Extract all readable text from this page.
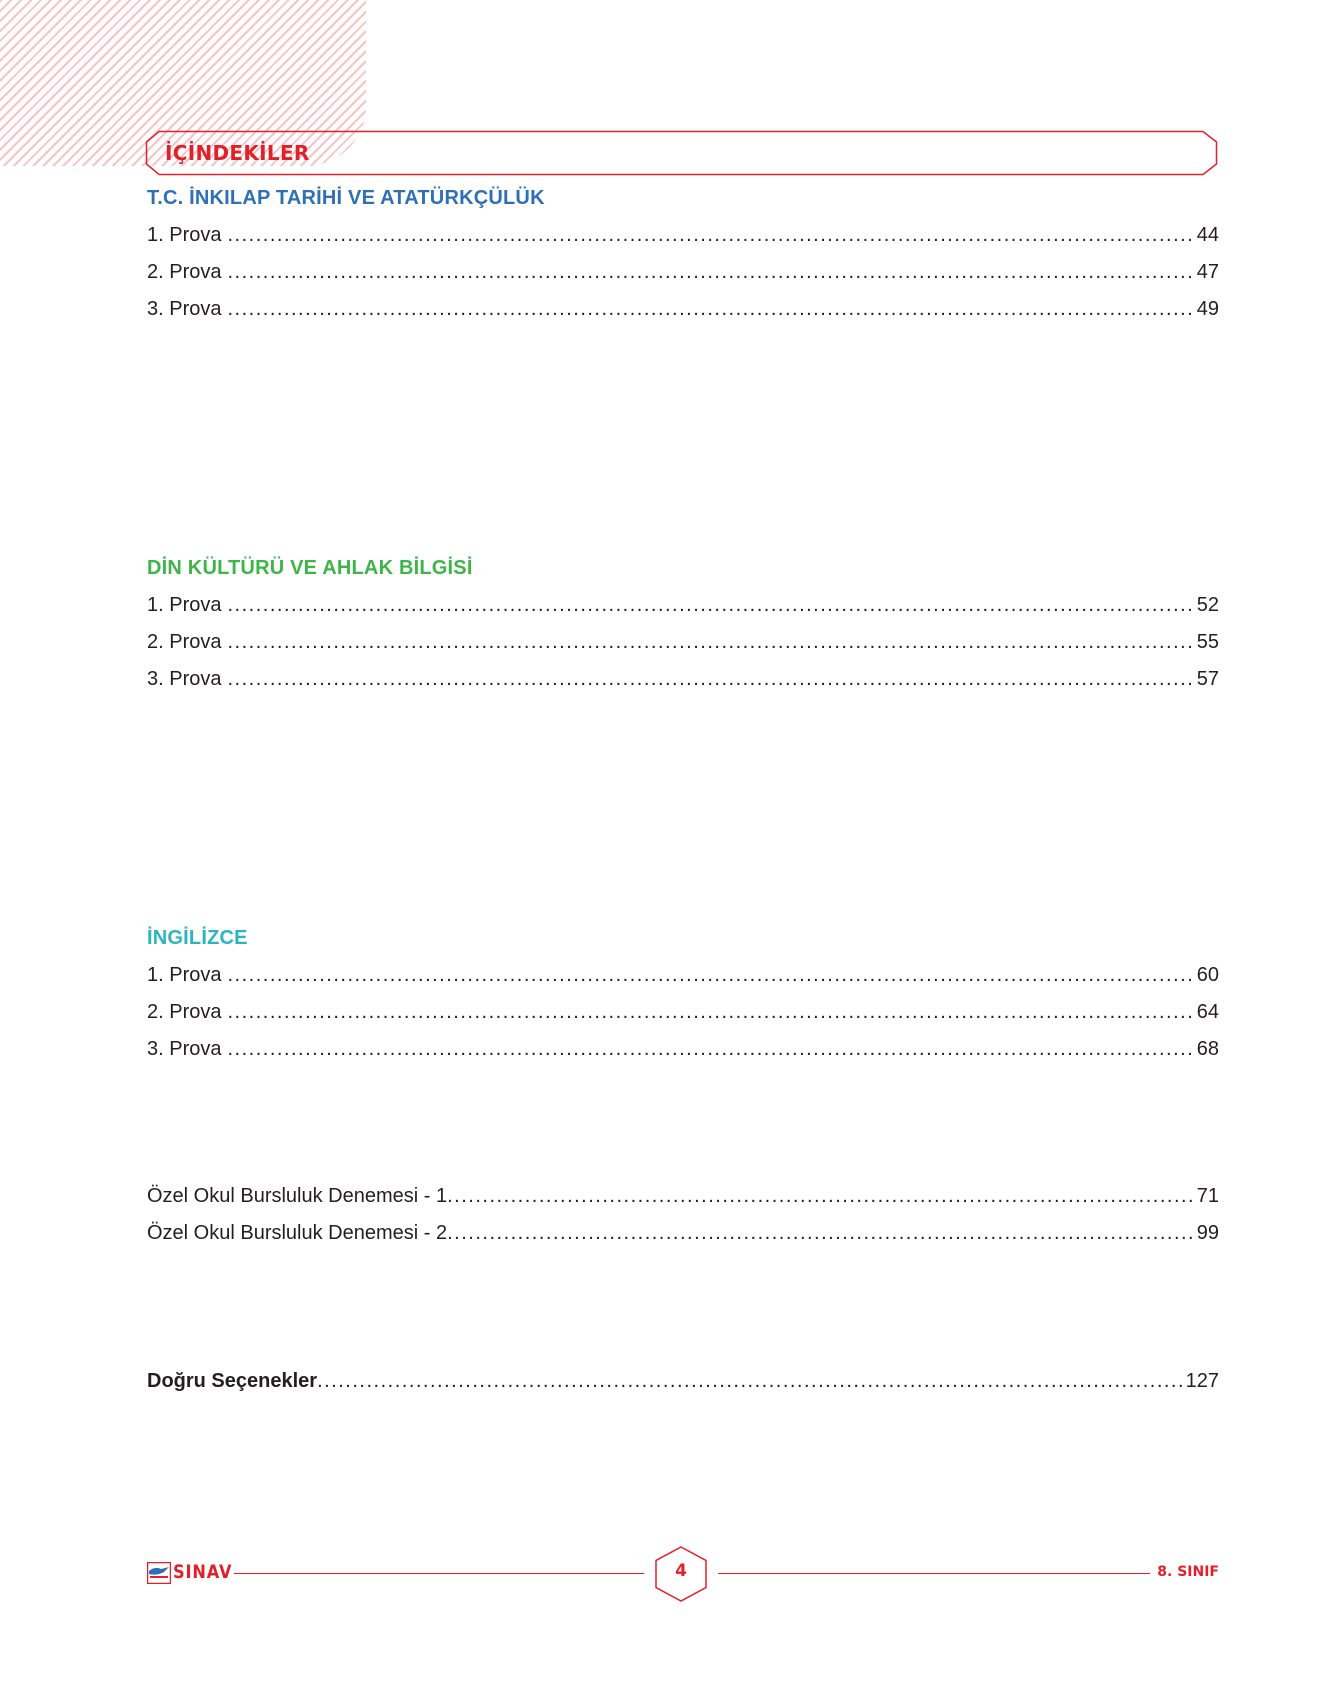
İÇİNDEKİLER
T.C. İNKILAP TARİHİ VE ATATÜRKÇÜLÜK
1. Prova .....	44
2. Prova .....	47
3. Prova .....	49
DİN KÜLTÜRÜ VE AHLAK BİLGİSİ
1. Prova .....	52
2. Prova .....	55
3. Prova .....	57
İNGİLİZCE
1. Prova .....	60
2. Prova .....	64
3. Prova .....	68
Özel Okul Bursluluk Denemesi - 1 .....	71
Özel Okul Bursluluk Denemesi - 2 .....	99
Doğru Seçenekler .....	127
SINAV	4	8. SINIF
